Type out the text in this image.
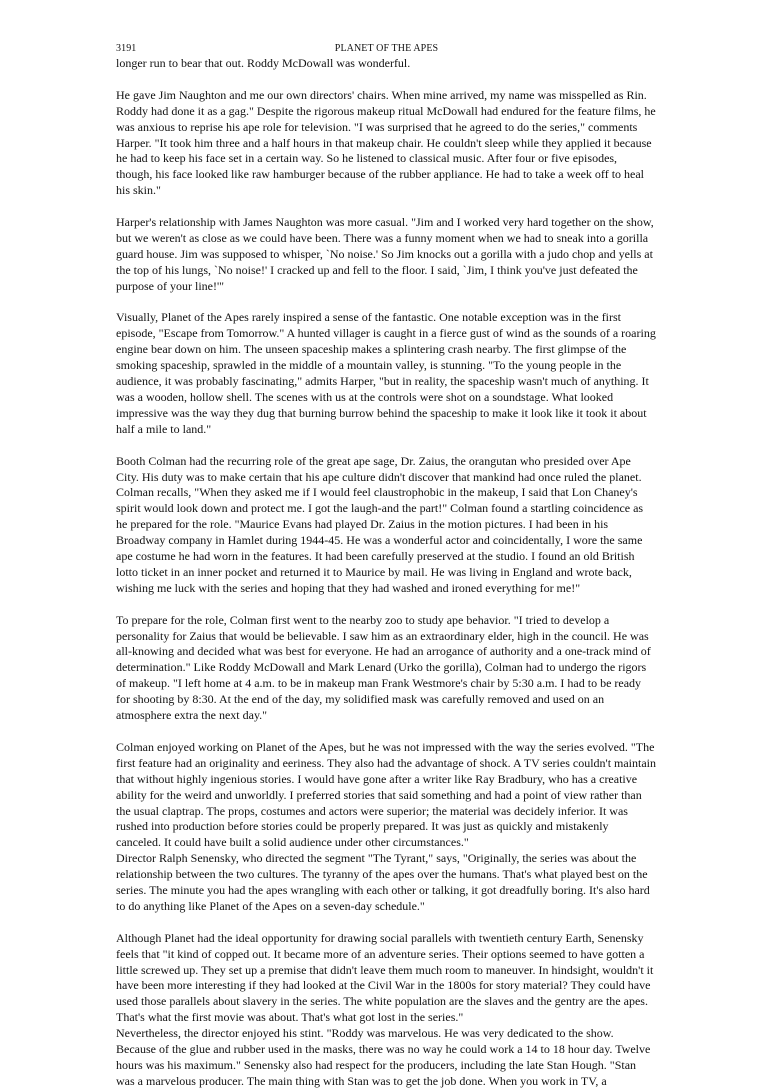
3191	PLANET OF THE APES

longer run to bear that out. Roddy McDowall was wonderful.

He gave Jim Naughton and me our own directors' chairs. When mine arrived, my name was misspelled as Rin. Roddy had done it as a gag." Despite the rigorous makeup ritual McDowall had endured for the feature films, he was anxious to reprise his ape role for television. "I was surprised that he agreed to do the series," comments Harper. "It took him three and a half hours in that makeup chair. He couldn't sleep while they applied it because he had to keep his face set in a certain way. So he listened to classical music. After four or five episodes, though, his face looked like raw hamburger because of the rubber appliance. He had to take a week off to heal his skin."

Harper's relationship with James Naughton was more casual. "Jim and I worked very hard together on the show, but we weren't as close as we could have been. There was a funny moment when we had to sneak into a gorilla guard house. Jim was supposed to whisper, `No noise.' So Jim knocks out a gorilla with a judo chop and yells at the top of his lungs, `No noise!' I cracked up and fell to the floor. I said, `Jim, I think you've just defeated the purpose of your line!'"

Visually, Planet of the Apes rarely inspired a sense of the fantastic. One notable exception was in the first episode, "Escape from Tomorrow." A hunted villager is caught in a fierce gust of wind as the sounds of a roaring engine bear down on him. The unseen spaceship makes a splintering crash nearby. The first glimpse of the smoking spaceship, sprawled in the middle of a mountain valley, is stunning. "To the young people in the audience, it was probably fascinating," admits Harper, "but in reality, the spaceship wasn't much of anything. It was a wooden, hollow shell. The scenes with us at the controls were shot on a soundstage. What looked impressive was the way they dug that burning burrow behind the spaceship to make it look like it took it about half a mile to land."

Booth Colman had the recurring role of the great ape sage, Dr. Zaius, the orangutan who presided over Ape City. His duty was to make certain that his ape culture didn't discover that mankind had once ruled the planet. Colman recalls, "When they asked me if I would feel claustrophobic in the makeup, I said that Lon Chaney's spirit would look down and protect me. I got the laugh-and the part!" Colman found a startling coincidence as he prepared for the role. "Maurice Evans had played Dr. Zaius in the motion pictures. I had been in his Broadway company in Hamlet during 1944-45. He was a wonderful actor and coincidentally, I wore the same ape costume he had worn in the features. It had been carefully preserved at the studio. I found an old British lotto ticket in an inner pocket and returned it to Maurice by mail. He was living in England and wrote back, wishing me luck with the series and hoping that they had washed and ironed everything for me!"

To prepare for the role, Colman first went to the nearby zoo to study ape behavior. "I tried to develop a personality for Zaius that would be believable. I saw him as an extraordinary elder, high in the council. He was all-knowing and decided what was best for everyone. He had an arrogance of authority and a one-track mind of determination." Like Roddy McDowall and Mark Lenard (Urko the gorilla), Colman had to undergo the rigors of makeup. "I left home at 4 a.m. to be in makeup man Frank Westmore's chair by 5:30 a.m. I had to be ready for shooting by 8:30. At the end of the day, my solidified mask was carefully removed and used on an atmosphere extra the next day."

Colman enjoyed working on Planet of the Apes, but he was not impressed with the way the series evolved. "The first feature had an originality and eeriness. They also had the advantage of shock. A TV series couldn't maintain that without highly ingenious stories. I would have gone after a writer like Ray Bradbury, who has a creative ability for the weird and unworldly. I preferred stories that said something and had a point of view rather than the usual claptrap. The props, costumes and actors were superior; the material was decidely inferior. It was rushed into production before stories could be properly prepared. It was just as quickly and mistakenly canceled. It could have built a solid audience under other circumstances."

Director Ralph Senensky, who directed the segment "The Tyrant," says, "Originally, the series was about the relationship between the two cultures. The tyranny of the apes over the humans. That's what played best on the series. The minute you had the apes wrangling with each other or talking, it got dreadfully boring. It's also hard to do anything like Planet of the Apes on a seven-day schedule."

Although Planet had the ideal opportunity for drawing social parallels with twentieth century Earth, Senensky feels that "it kind of copped out. It became more of an adventure series. Their options seemed to have gotten a little screwed up. They set up a premise that didn't leave them much room to maneuver. In hindsight, wouldn't it have been more interesting if they had looked at the Civil War in the 1800s for story material? They could have used those parallels about slavery in the series. The white population are the slaves and the gentry are the apes. That's what the first movie was about. That's what got lost in the series."

Nevertheless, the director enjoyed his stint. "Roddy was marvelous. He was very dedicated to the show. Because of the glue and rubber used in the masks, there was no way he could work a 14 to 18 hour day. Twelve hours was his maximum." Senensky also had respect for the producers, including the late Stan Hough. "Stan was a marvelous producer. The main thing with Stan was to get the job done. When you work in TV, a
